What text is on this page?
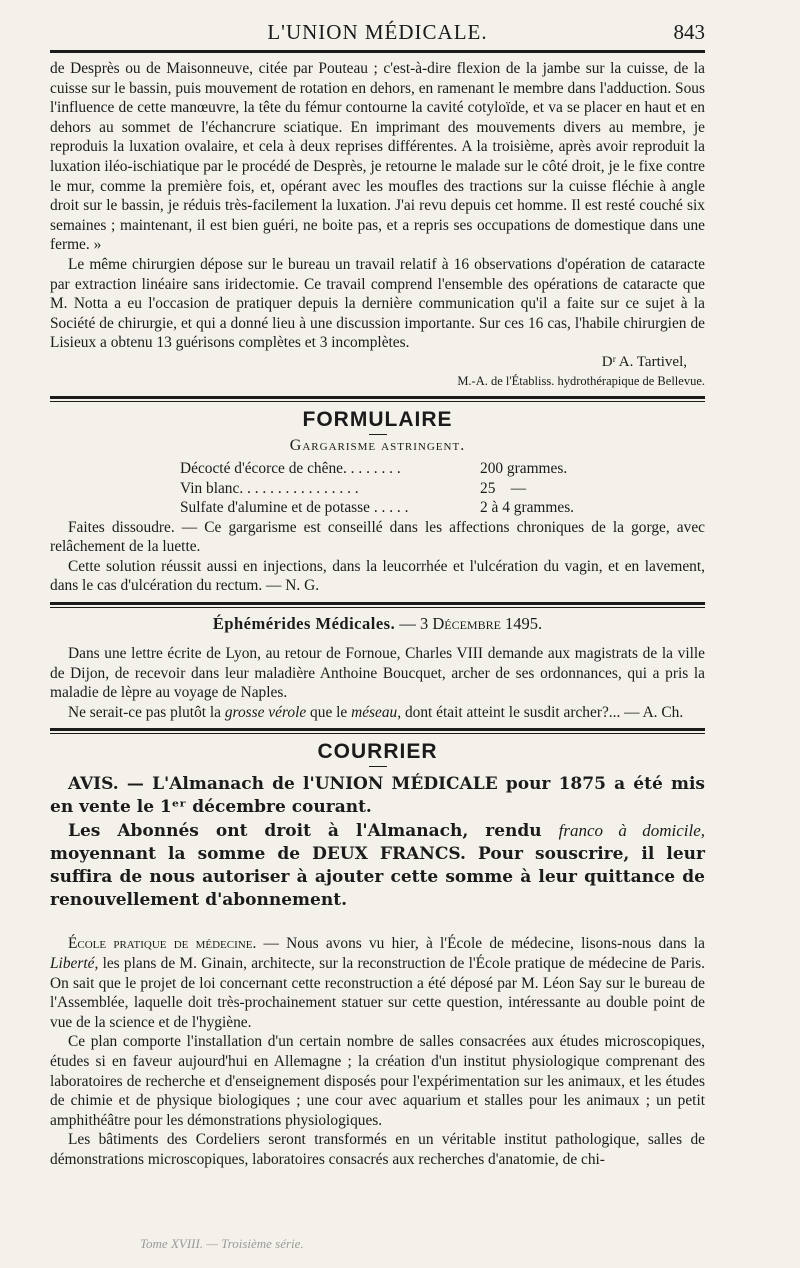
L'UNION MÉDICALE.	843

de Desprès ou de Maisonneuve, citée par Pouteau ; c'est-à-dire flexion de la jambe sur la cuisse, de la cuisse sur le bassin, puis mouvement de rotation en dehors, en ramenant le membre dans l'adduction. Sous l'influence de cette manœuvre, la tête du fémur contourne la cavité cotyloïde, et va se placer en haut et en dehors au sommet de l'échancrure sciatique. En imprimant des mouvements divers au membre, je reproduis la luxation ovalaire, et cela à deux reprises différentes. A la troisième, après avoir reproduit la luxation iléo-ischiatique par le procédé de Desprès, je retourne le malade sur le côté droit, je le fixe contre le mur, comme la première fois, et, opérant avec les moufles des tractions sur la cuisse fléchie à angle droit sur le bassin, je réduis très-facilement la luxation. J'ai revu depuis cet homme. Il est resté couché six semaines ; maintenant, il est bien guéri, ne boite pas, et a repris ses occupations de domestique dans une ferme. »

Le même chirurgien dépose sur le bureau un travail relatif à 16 observations d'opération de cataracte par extraction linéaire sans iridectomie. Ce travail comprend l'ensemble des opérations de cataracte que M. Notta a eu l'occasion de pratiquer depuis la dernière communication qu'il a faite sur ce sujet à la Société de chirurgie, et qui a donné lieu à une discussion importante. Sur ces 16 cas, l'habile chirurgien de Lisieux a obtenu 13 guérisons complètes et 3 incomplètes.

Dʳ A. Tartivel,
M.-A. de l'Établiss. hydrothérapique de Bellevue.
FORMULAIRE
Gargarisme astringent.
Décocté d'écorce de chêne. . . . . . . .	200 grammes.
Vin blanc. . . . . . . . . . . . . . . .	25    —
Sulfate d'alumine et de potasse . . . . .	2 à 4 grammes.

Faites dissoudre. — Ce gargarisme est conseillé dans les affections chroniques de la gorge, avec relâchement de la luette.

Cette solution réussit aussi en injections, dans la leucorrhée et l'ulcération du vagin, et en lavement, dans le cas d'ulcération du rectum. — N. G.

Éphémérides Médicales. — 3 Décembre 1495.

Dans une lettre écrite de Lyon, au retour de Fornoue, Charles VIII demande aux magistrats de la ville de Dijon, de recevoir dans leur maladière Anthoine Boucquet, archer de ses ordonnances, qui a pris la maladie de lèpre au voyage de Naples.

Ne serait-ce pas plutôt la grosse vérole que le méseau, dont était atteint le susdit archer?... — A. Ch.

COURRIER

AVIS. — L'Almanach de l'UNION MÉDICALE pour 1875 a été mis en vente le 1ᵉʳ décembre courant.

Les Abonnés ont droit à l'Almanach, rendu franco à domicile, moyennant la somme de DEUX FRANCS. Pour souscrire, il leur suffira de nous autoriser à ajouter cette somme à leur quittance de renouvellement d'abonnement.

École pratique de médecine. — Nous avons vu hier, à l'École de médecine, lisons-nous dans la Liberté, les plans de M. Ginain, architecte, sur la reconstruction de l'École pratique de médecine de Paris. On sait que le projet de loi concernant cette reconstruction a été déposé par M. Léon Say sur le bureau de l'Assemblée, laquelle doit très-prochainement statuer sur cette question, intéressante au double point de vue de la science et de l'hygiène.

Ce plan comporte l'installation d'un certain nombre de salles consacrées aux études microscopiques, études si en faveur aujourd'hui en Allemagne ; la création d'un institut physiologique comprenant des laboratoires de recherche et d'enseignement disposés pour l'expérimentation sur les animaux, et les études de chimie et de physique biologiques ; une cour avec aquarium et stalles pour les animaux ; un petit amphithéâtre pour les démonstrations physiologiques.

Les bâtiments des Cordeliers seront transformés en un véritable institut pathologique, salles de démonstrations microscopiques, laboratoires consacrés aux recherches d'anatomie, de chi-

Tome XVIII. — Troisième série.
